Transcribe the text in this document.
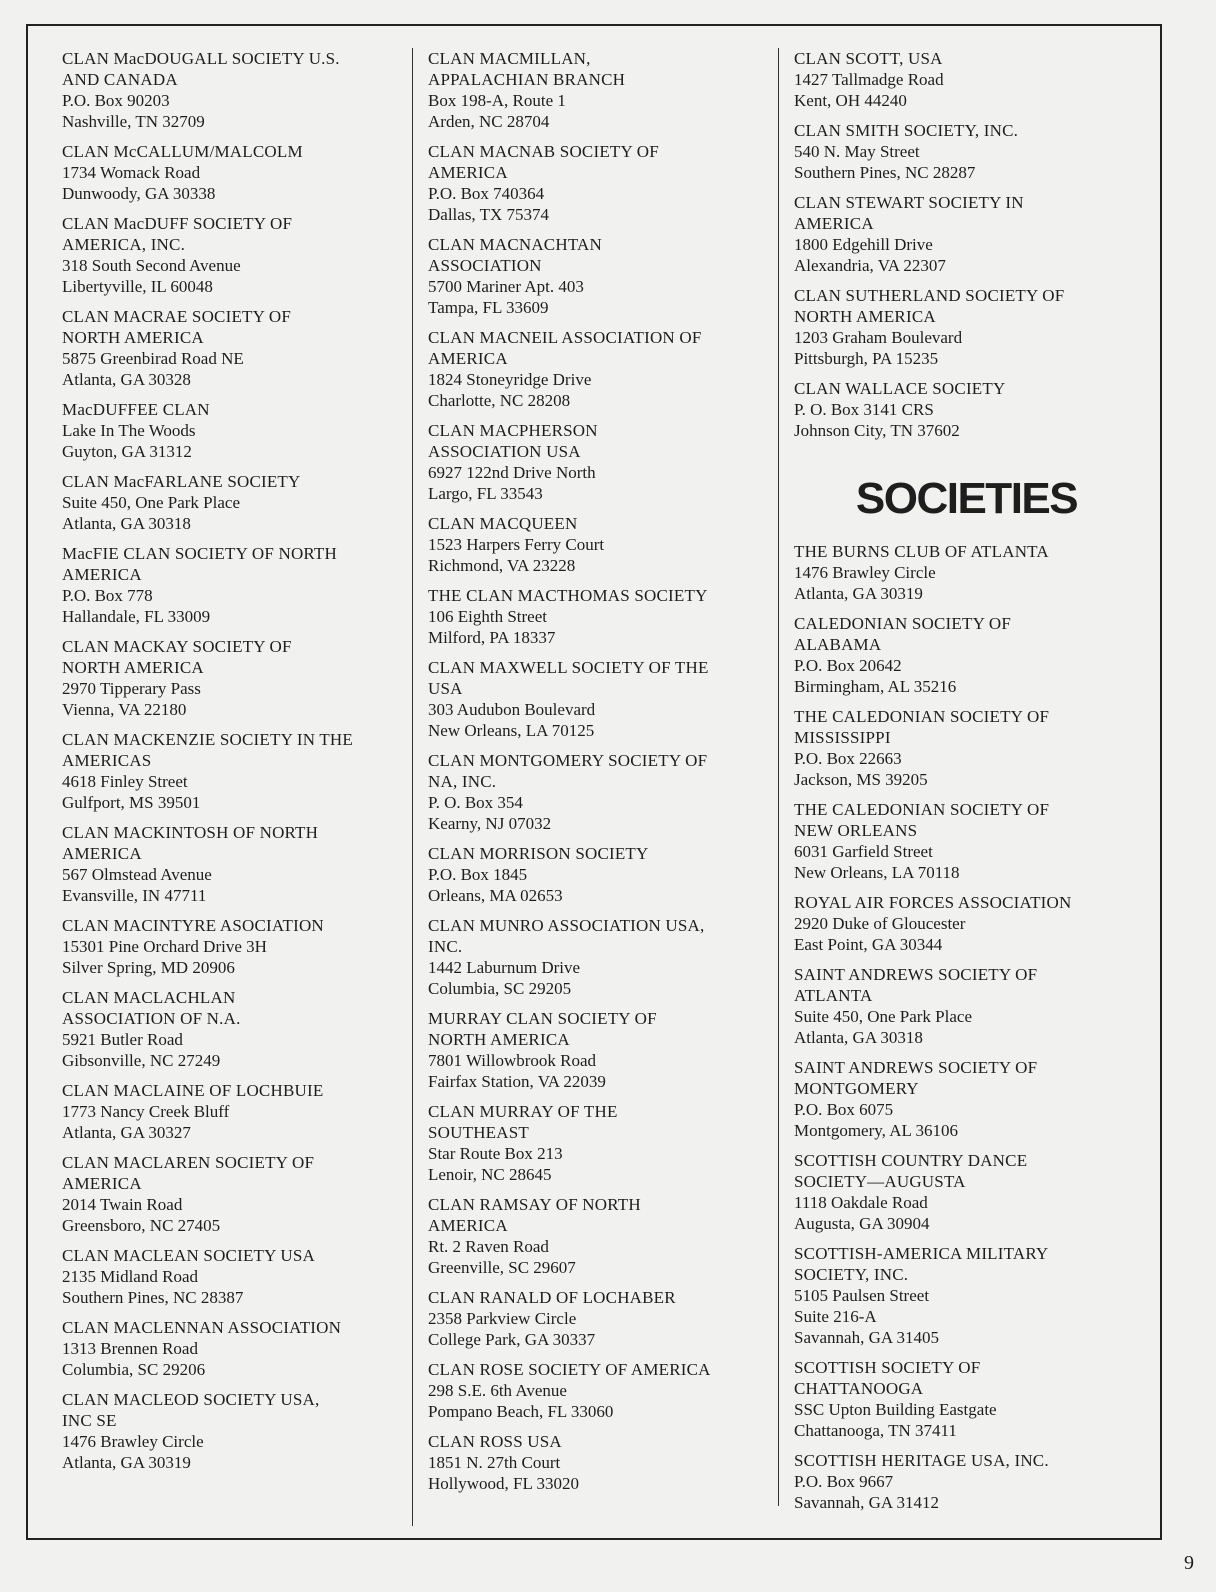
CLAN MacDOUGALL SOCIETY U.S.
AND CANADA
P.O. Box 90203
Nashville, TN 32709
CLAN McCALLUM/MALCOLM
1734 Womack Road
Dunwoody, GA 30338
CLAN MacDUFF SOCIETY OF
AMERICA, INC.
318 South Second Avenue
Libertyville, IL 60048
CLAN MACRAE SOCIETY OF
NORTH AMERICA
5875 Greenbirad Road NE
Atlanta, GA 30328
MacDUFFEE CLAN
Lake In The Woods
Guyton, GA 31312
CLAN MacFARLANE SOCIETY
Suite 450, One Park Place
Atlanta, GA 30318
MacFIE CLAN SOCIETY OF NORTH
AMERICA
P.O. Box 778
Hallandale, FL 33009
CLAN MACKAY SOCIETY OF
NORTH AMERICA
2970 Tipperary Pass
Vienna, VA 22180
CLAN MACKENZIE SOCIETY IN THE
AMERICAS
4618 Finley Street
Gulfport, MS 39501
CLAN MACKINTOSH OF NORTH
AMERICA
567 Olmstead Avenue
Evansville, IN 47711
CLAN MACINTYRE ASOCIATION
15301 Pine Orchard Drive 3H
Silver Spring, MD 20906
CLAN MACLACHLAN
ASSOCIATION OF N.A.
5921 Butler Road
Gibsonville, NC 27249
CLAN MACLAINE OF LOCHBUIE
1773 Nancy Creek Bluff
Atlanta, GA 30327
CLAN MACLAREN SOCIETY OF
AMERICA
2014 Twain Road
Greensboro, NC 27405
CLAN MACLEAN SOCIETY USA
2135 Midland Road
Southern Pines, NC 28387
CLAN MACLENNAN ASSOCIATION
1313 Brennen Road
Columbia, SC 29206
CLAN MACLEOD SOCIETY USA,
INC SE
1476 Brawley Circle
Atlanta, GA 30319
CLAN MACMILLAN,
APPALACHIAN BRANCH
Box 198-A, Route 1
Arden, NC 28704
CLAN MACNAB SOCIETY OF
AMERICA
P.O. Box 740364
Dallas, TX 75374
CLAN MACNACHTAN
ASSOCIATION
5700 Mariner Apt. 403
Tampa, FL 33609
CLAN MACNEIL ASSOCIATION OF
AMERICA
1824 Stoneyridge Drive
Charlotte, NC 28208
CLAN MACPHERSON
ASSOCIATION USA
6927 122nd Drive North
Largo, FL 33543
CLAN MACQUEEN
1523 Harpers Ferry Court
Richmond, VA 23228
THE CLAN MACTHOMAS SOCIETY
106 Eighth Street
Milford, PA 18337
CLAN MAXWELL SOCIETY OF THE
USA
303 Audubon Boulevard
New Orleans, LA 70125
CLAN MONTGOMERY SOCIETY OF
NA, INC.
P. O. Box 354
Kearny, NJ 07032
CLAN MORRISON SOCIETY
P.O. Box 1845
Orleans, MA 02653
CLAN MUNRO ASSOCIATION USA,
INC.
1442 Laburnum Drive
Columbia, SC 29205
MURRAY CLAN SOCIETY OF
NORTH AMERICA
7801 Willowbrook Road
Fairfax Station, VA 22039
CLAN MURRAY OF THE
SOUTHEAST
Star Route Box 213
Lenoir, NC 28645
CLAN RAMSAY OF NORTH
AMERICA
Rt. 2 Raven Road
Greenville, SC 29607
CLAN RANALD OF LOCHABER
2358 Parkview Circle
College Park, GA 30337
CLAN ROSE SOCIETY OF AMERICA
298 S.E. 6th Avenue
Pompano Beach, FL 33060
CLAN ROSS USA
1851 N. 27th Court
Hollywood, FL 33020
CLAN SCOTT, USA
1427 Tallmadge Road
Kent, OH 44240
CLAN SMITH SOCIETY, INC.
540 N. May Street
Southern Pines, NC 28287
CLAN STEWART SOCIETY IN
AMERICA
1800 Edgehill Drive
Alexandria, VA 22307
CLAN SUTHERLAND SOCIETY OF
NORTH AMERICA
1203 Graham Boulevard
Pittsburgh, PA 15235
CLAN WALLACE SOCIETY
P. O. Box 3141 CRS
Johnson City, TN 37602
SOCIETIES
THE BURNS CLUB OF ATLANTA
1476 Brawley Circle
Atlanta, GA 30319
CALEDONIAN SOCIETY OF
ALABAMA
P.O. Box 20642
Birmingham, AL 35216
THE CALEDONIAN SOCIETY OF
MISSISSIPPI
P.O. Box 22663
Jackson, MS 39205
THE CALEDONIAN SOCIETY OF
NEW ORLEANS
6031 Garfield Street
New Orleans, LA 70118
ROYAL AIR FORCES ASSOCIATION
2920 Duke of Gloucester
East Point, GA 30344
SAINT ANDREWS SOCIETY OF
ATLANTA
Suite 450, One Park Place
Atlanta, GA 30318
SAINT ANDREWS SOCIETY OF
MONTGOMERY
P.O. Box 6075
Montgomery, AL 36106
SCOTTISH COUNTRY DANCE
SOCIETY—AUGUSTA
1118 Oakdale Road
Augusta, GA 30904
SCOTTISH-AMERICA MILITARY
SOCIETY, INC.
5105 Paulsen Street
Suite 216-A
Savannah, GA 31405
SCOTTISH SOCIETY OF
CHATTANOOGA
SSC Upton Building Eastgate
Chattanooga, TN 37411
SCOTTISH HERITAGE USA, INC.
P.O. Box 9667
Savannah, GA 31412
9
